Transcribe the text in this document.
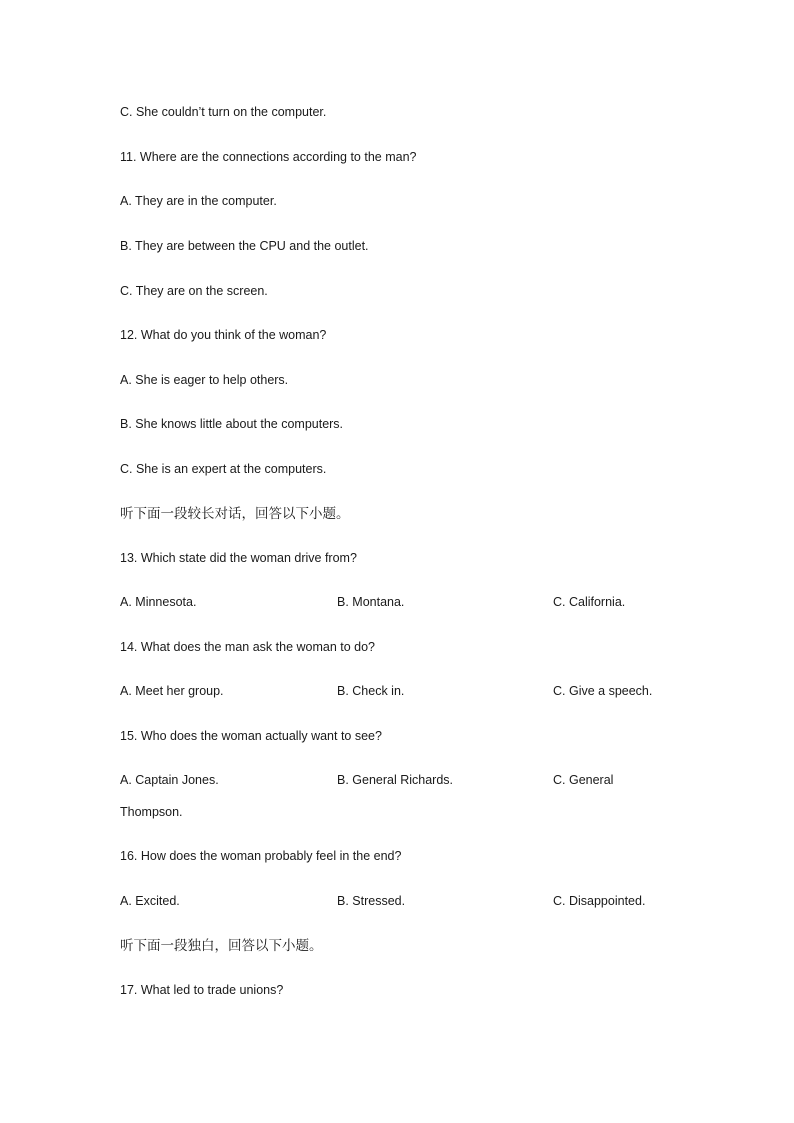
C. She couldn’t turn on the computer.
11. Where are the connections according to the man?
A. They are in the computer.
B. They are between the CPU and the outlet.
C. They are on the screen.
12. What do you think of the woman?
A. She is eager to help others.
B. She knows little about the computers.
C. She is an expert at the computers.
听下面一段较长对话，回答以下小题。
13. Which state did the woman drive from?
A. Minnesota.	B. Montana.	C. California.
14. What does the man ask the woman to do?
A. Meet her group.	B. Check in.	C. Give a speech.
15. Who does the woman actually want to see?
A. Captain Jones.	B. General Richards.	C. General
Thompson.
16. How does the woman probably feel in the end?
A. Excited.	B. Stressed.	C. Disappointed.
听下面一段独白，回答以下小题。
17. What led to trade unions?
